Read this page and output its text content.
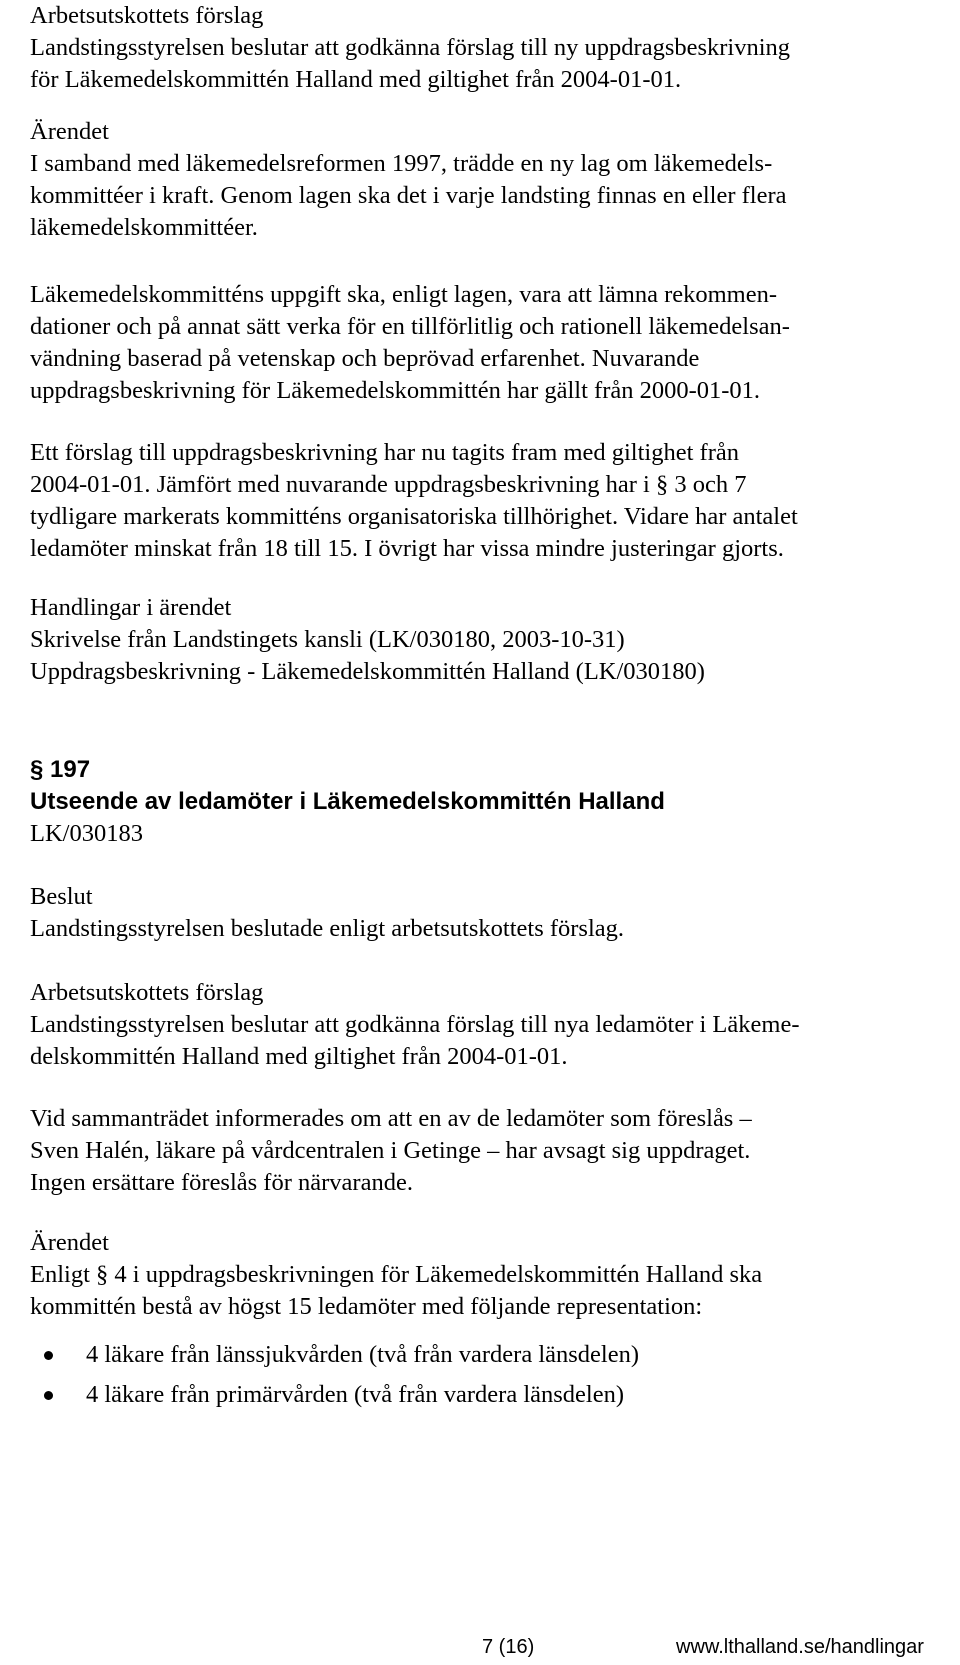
Arbetsutskottets förslag
Landstingsstyrelsen beslutar att godkänna förslag till ny uppdragsbeskrivning
för Läkemedelskommittén Halland med giltighet från 2004-01-01.
Ärendet
I samband med läkemedelsreformen 1997, trädde en ny lag om läkemedels-
kommittéer i kraft. Genom lagen ska det i varje landsting finnas en eller flera
läkemedelskommittéer.
Läkemedelskommitténs uppgift ska, enligt lagen, vara att lämna rekommen-
dationer och på annat sätt verka för en tillförlitlig och rationell läkemedelsan-
vändning baserad på vetenskap och beprövad erfarenhet. Nuvarande
uppdragsbeskrivning för Läkemedelskommittén har gällt från 2000-01-01.
Ett förslag till uppdragsbeskrivning har nu tagits fram med giltighet från
2004-01-01. Jämfört med nuvarande uppdragsbeskrivning har i § 3 och 7
tydligare markerats kommitténs organisatoriska tillhörighet. Vidare har antalet
ledamöter minskat från 18 till 15. I övrigt har vissa mindre justeringar gjorts.
Handlingar i ärendet
Skrivelse från Landstingets kansli (LK/030180, 2003-10-31)
Uppdragsbeskrivning - Läkemedelskommittén Halland (LK/030180)
§ 197
Utseende av ledamöter i Läkemedelskommittén Halland
LK/030183
Beslut
Landstingsstyrelsen beslutade enligt arbetsutskottets förslag.
Arbetsutskottets förslag
Landstingsstyrelsen beslutar att godkänna förslag till nya ledamöter i Läkeme-
delskommittén Halland med giltighet från 2004-01-01.
Vid sammanträdet informerades om att en av de ledamöter som föreslås –
Sven Halén, läkare på vårdcentralen i Getinge – har avsagt sig uppdraget.
Ingen ersättare föreslås för närvarande.
Ärendet
Enligt § 4 i uppdragsbeskrivningen för Läkemedelskommittén Halland ska
kommittén bestå av högst 15 ledamöter med följande representation:
4 läkare från länssjukvården (två från vardera länsdelen)
4 läkare från primärvården (två från vardera länsdelen)
7 (16)	www.lthalland.se/handlingar
